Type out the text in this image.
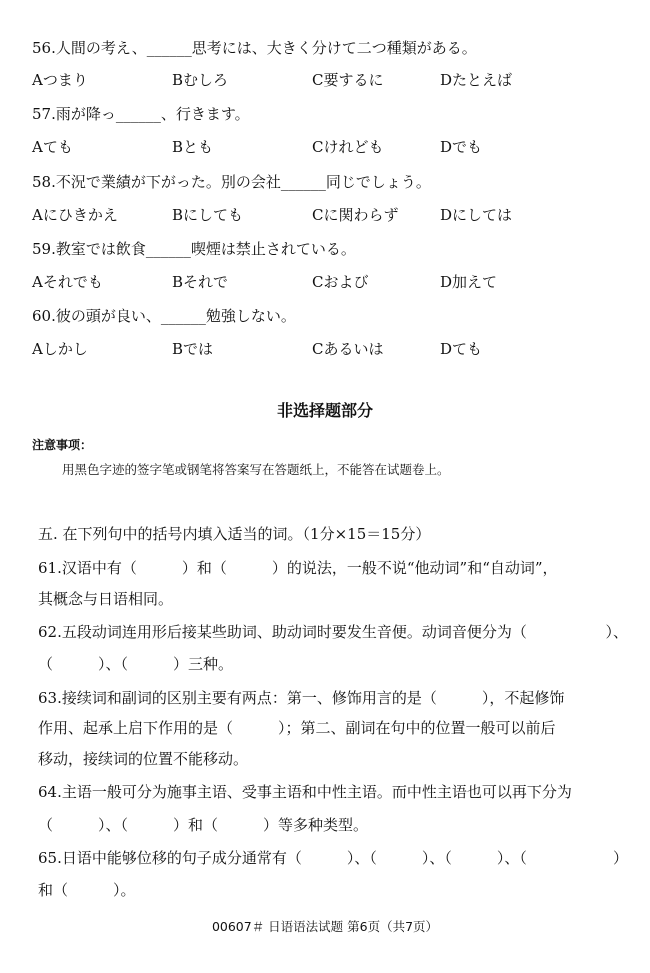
56.人間の考え、______思考には、大きく分けて二つ種類がある。
Aつまり	Bむしろ	C要するに	Dたとえば
57.雨が降っ______、行きます。
Aても	Bとも	Cけれども	Dでも
58.不況で業績が下がった。別の会社______同じでしょう。
Aにひきかえ	Bにしても	Cに関わらず	Dにしては
59.教室では飲食______喫煙は禁止されている。
Aそれでも	Bそれで	Cおよび	D加えて
60.彼の頭が良い、______勉強しない。
Aしかし	Bでは	Cあるいは	Dても
非选择题部分
注意事项：
用黑色字迹的签字笔或钢笔将答案写在答题纸上，不能答在试题卷上。
五. 在下列句中的括号内填入适当的词。（1分×15＝15分）
61.汉语中有（　　　）和（　　　）的说法，一般不说“他动词”和“自动词”，
其概念与日语相同。
62.五段动词连用形后接某些助词、助动词时要发生音便。动词音便分为（	）、
（　　　）、（　　　）三种。
63.接续词和副词的区别主要有两点：第一、修饰用言的是（　　　），不起修饰
作用、起承上启下作用的是（　　　）；第二、副词在句中的位置一般可以前后
移动，接续词的位置不能移动。
64.主语一般可分为施事主语、受事主语和中性主语。而中性主语也可以再下分为
（　　　）、（　　　）和（　　　）等多种类型。
65.日语中能够位移的句子成分通常有（　　　）、（　　　）、（　　　）、（	）
和（　　　）。
00607＃ 日语语法试题 第6页（共7页）
